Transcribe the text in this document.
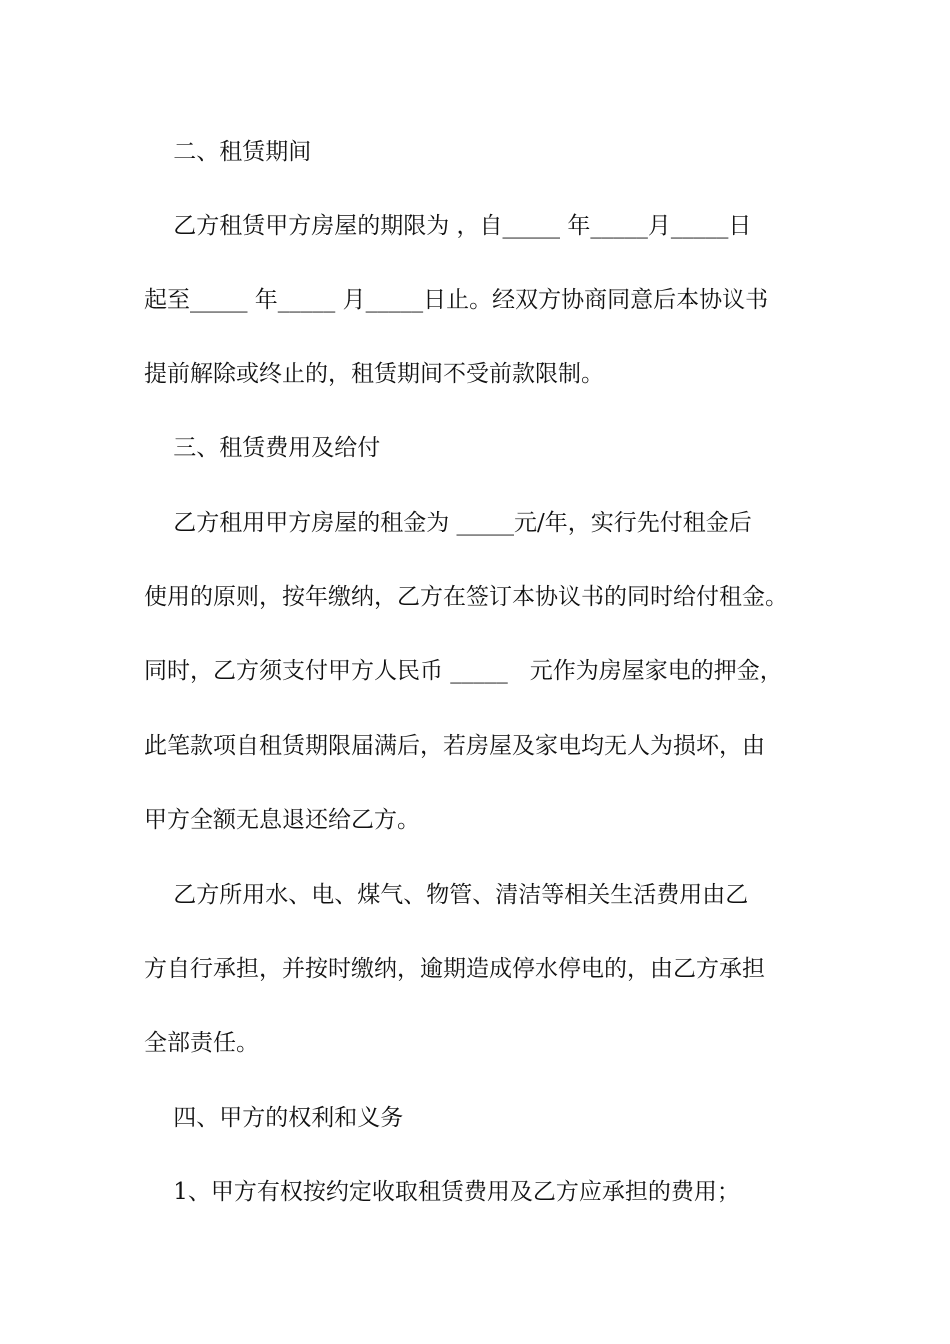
二、租赁期间
乙方租赁甲方房屋的期限为 ，自_____ 年_____月_____日
起至_____ 年_____ 月_____日止。经双方协商同意后本协议书
提前解除或终止的，租赁期间不受前款限制。
三、租赁费用及给付
乙方租用甲方房屋的租金为 _____元/年，实行先付租金后
使用的原则，按年缴纳，乙方在签订本协议书的同时给付租金。
同时，乙方须支付甲方人民币 _____   元作为房屋家电的押金，
此笔款项自租赁期限届满后，若房屋及家电均无人为损坏，由
甲方全额无息退还给乙方。
乙方所用水、电、煤气、物管、清洁等相关生活费用由乙
方自行承担，并按时缴纳，逾期造成停水停电的，由乙方承担
全部责任。
四、甲方的权利和义务
1、甲方有权按约定收取租赁费用及乙方应承担的费用；
